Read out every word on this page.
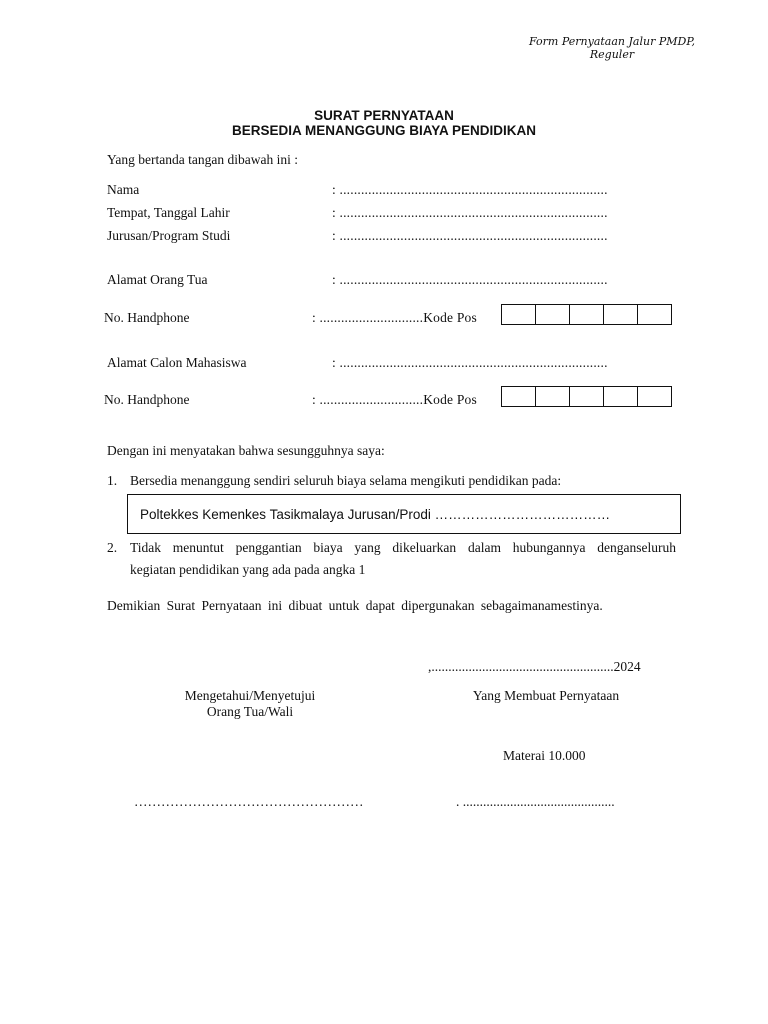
Form Pernyataan Jalur PMDP,
Reguler
SURAT PERNYATAAN
BERSEDIA MENANGGUNG BIAYA PENDIDIKAN
Yang bertanda tangan dibawah ini :
Nama	: ...........................................................................
Tempat, Tanggal Lahir	: ...........................................................................
Jurusan/Program Studi	: ...........................................................................
Alamat Orang Tua	: ...........................................................................
No. Handphone	: .............................Kode Pos
Alamat Calon Mahasiswa	: ...........................................................................
No. Handphone	: .............................Kode Pos
Dengan ini menyatakan bahwa sesungguhnya saya:
1. Bersedia menanggung sendiri seluruh biaya selama mengikuti pendidikan pada:
Poltekkes Kemenkes Tasikmalaya Jurusan/Prodi …………………………………
2. Tidak menuntut penggantian biaya yang dikeluarkan dalam hubungannya denganseluruh
kegiatan pendidikan yang ada pada angka 1
Demikian Surat Pernyataan ini dibuat untuk dapat dipergunakan sebagaimanamestinya.
,......................................................2024
Mengetahui/Menyetujui
Orang Tua/Wali
Yang Membuat Pernyataan
Materai 10.000
……………………………………………	. .............................................
